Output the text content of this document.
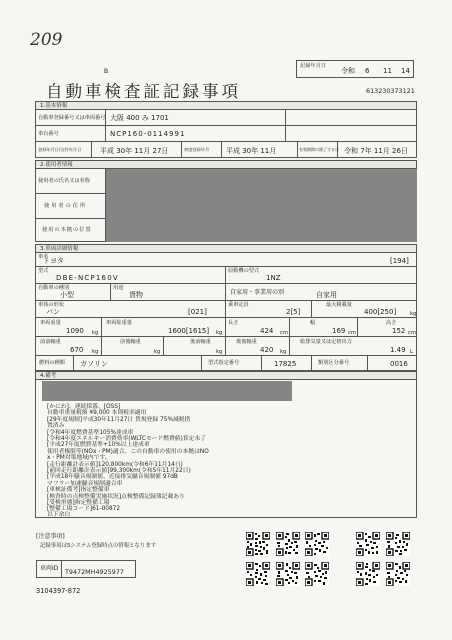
209
B
記録年月日
令和 6 11 14
自動車検査証記録事項	613230373121
1.基本情報
自動車登録番号又は車両番号 大阪 400 み 1701
車台番号	NCP160-0114991
登録年月日/交付年月日	平成 30年 11月 27日	初度登録年月 平成 30年 11月	有効期間の満了する日 令和 7年 11月 26日
2.使用者情報
使用者の氏名又は名称
使用者の住所
使用の本拠の位置
3.車両詳細情報
車名
トヨタ	[194]
型式
DBE-NCP160V
原動機の型式
1NZ
自動車の種別
小型
用途
貨物	自家用・事業用の別	自家用
車体の形状
バン	[021]
乗車定員
2[5]
最大積載量
400[250]	kg
車両重量
1090 kg
車両総重量
1600[1615] kg
長さ
424 cm
幅
169 cm
高さ
152 cm
前前軸重
670 kg
前後軸重
kg
後前軸重
kg
後後軸重
420 kg
総排気量又は定格出力
1.49 L
燃料の種類 ガソリン	型式指定番号	17825	類別区分番号	0016
4.備考
[かにわ]、連続採番、[OSS]
自動車重量税額 ¥9,000 本則税率適用
[29年度規制]平成30年11月27日 貨規登録 75%減税措
置済み
[令和4年度燃費基準105%達成車
[令和4年度エネルギー消費効率(WLTCモード燃費値)算定未了
[平成27年度燃費基準+10%以上達成車
使用者権限等(NOx・PM)適合、この自動車の使用の本拠はNO
x・PM対策地域内です。
[走行距離計表示値]120,800km(令和6年11月14日)
[前回走行距離計表示値]99,300km(令和5年11月22日)
[平成18年騒音規制値、近接排気騒音規制値 97dB
マフラー加速騒音規制適合車
[車検証備考]指定整備車
[検査時の点検整備実施状況]点検整備記録簿記載あり
[受検形態]指定整備工場
[整備工場コード]61-00872
以下余白
[注意事項]
記録事項は5システム登録時点の情報となります
車両ID T9472MH4925977
3104397-872
